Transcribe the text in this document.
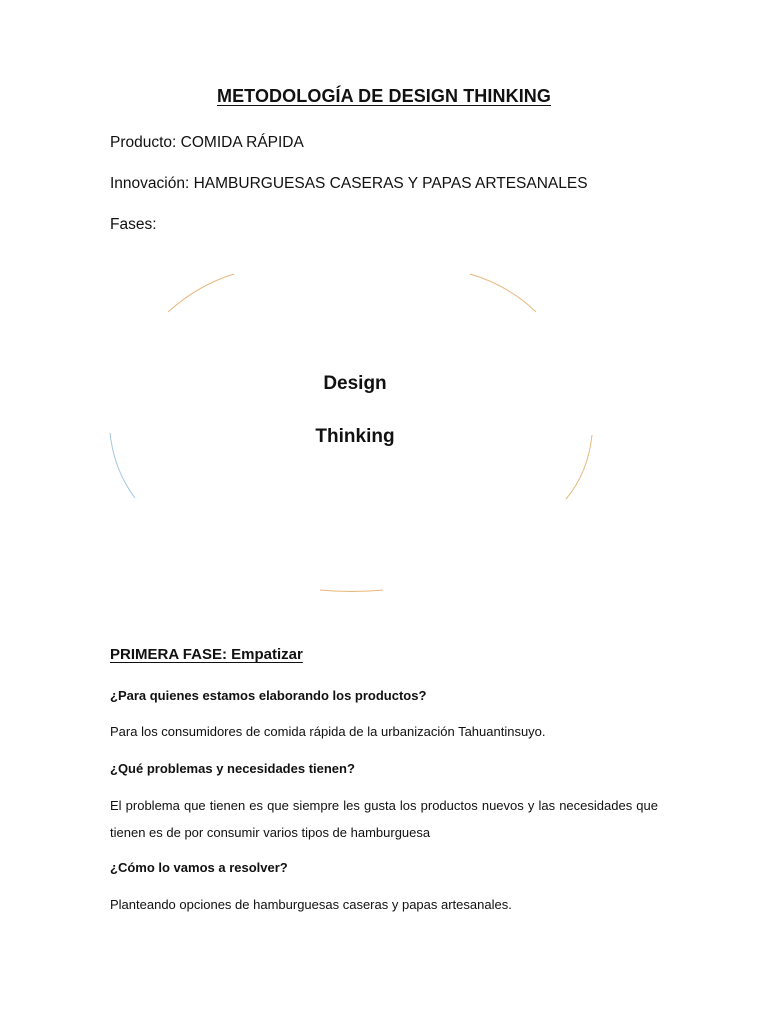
METODOLOGÍA DE DESIGN THINKING
Producto: COMIDA RÁPIDA
Innovación: HAMBURGUESAS CASERAS Y PAPAS ARTESANALES
Fases:
Design
Thinking
PRIMERA FASE: Empatizar
¿Para quienes estamos elaborando los productos?
Para los consumidores de comida rápida de la urbanización Tahuantinsuyo.
¿Qué problemas y necesidades tienen?
El problema que tienen es que siempre les gusta los productos nuevos y las necesidades que tienen es de por consumir varios tipos de hamburguesa
¿Cómo lo vamos a resolver?
Planteando opciones de hamburguesas caseras y papas artesanales.
